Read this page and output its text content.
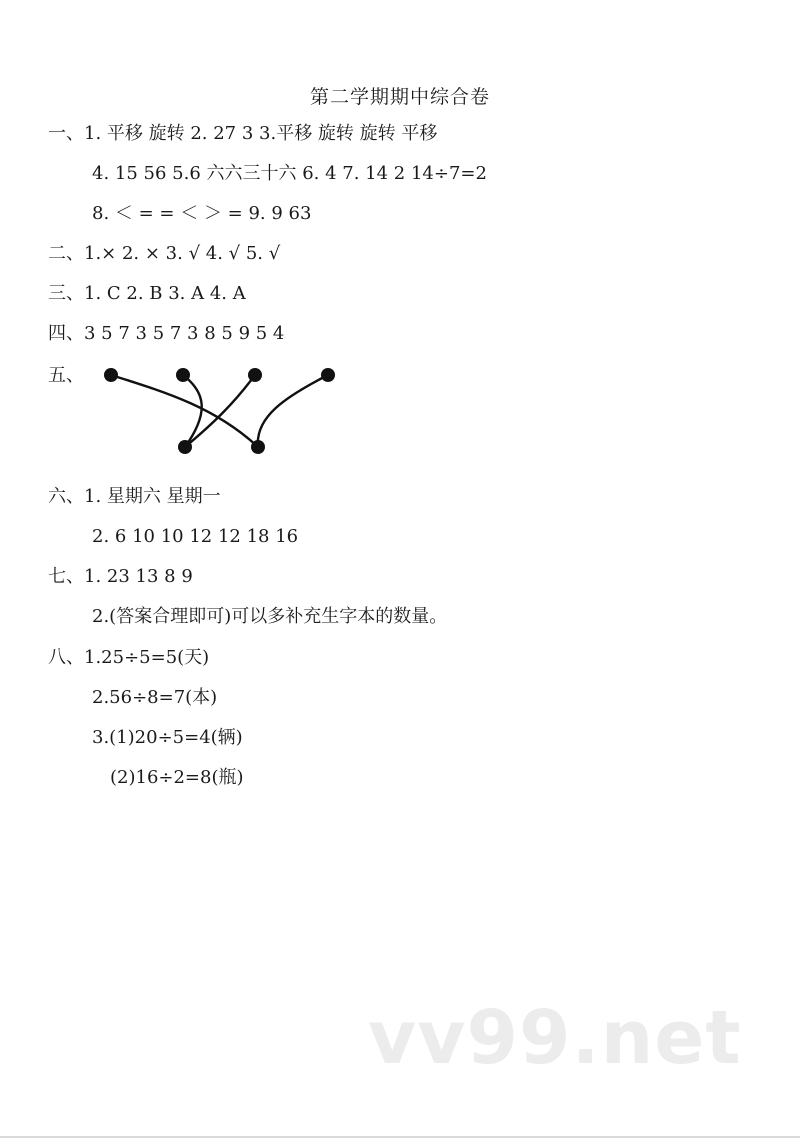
第二学期期中综合卷
一、1. 平移 旋转 2. 27 3 3.平移 旋转 旋转 平移
4. 15 56 5.6 六六三十六 6. 4 7. 14 2 14÷7=2
8. ＜ = = ＜ ＞ = 9. 9 63
二、1.× 2. × 3. √ 4. √ 5. √
三、1. C 2. B 3. A 4. A
四、3 5 7 3 5 7 3 8 5 9 5 4
五、
六、1. 星期六 星期一
2. 6 10 10 12 12 18 16
七、1. 23 13 8 9
2.(答案合理即可)可以多补充生字本的数量。
八、1.25÷5=5(天)
2.56÷8=7(本)
3.(1)20÷5=4(辆)
(2)16÷2=8(瓶)
vv99.net
